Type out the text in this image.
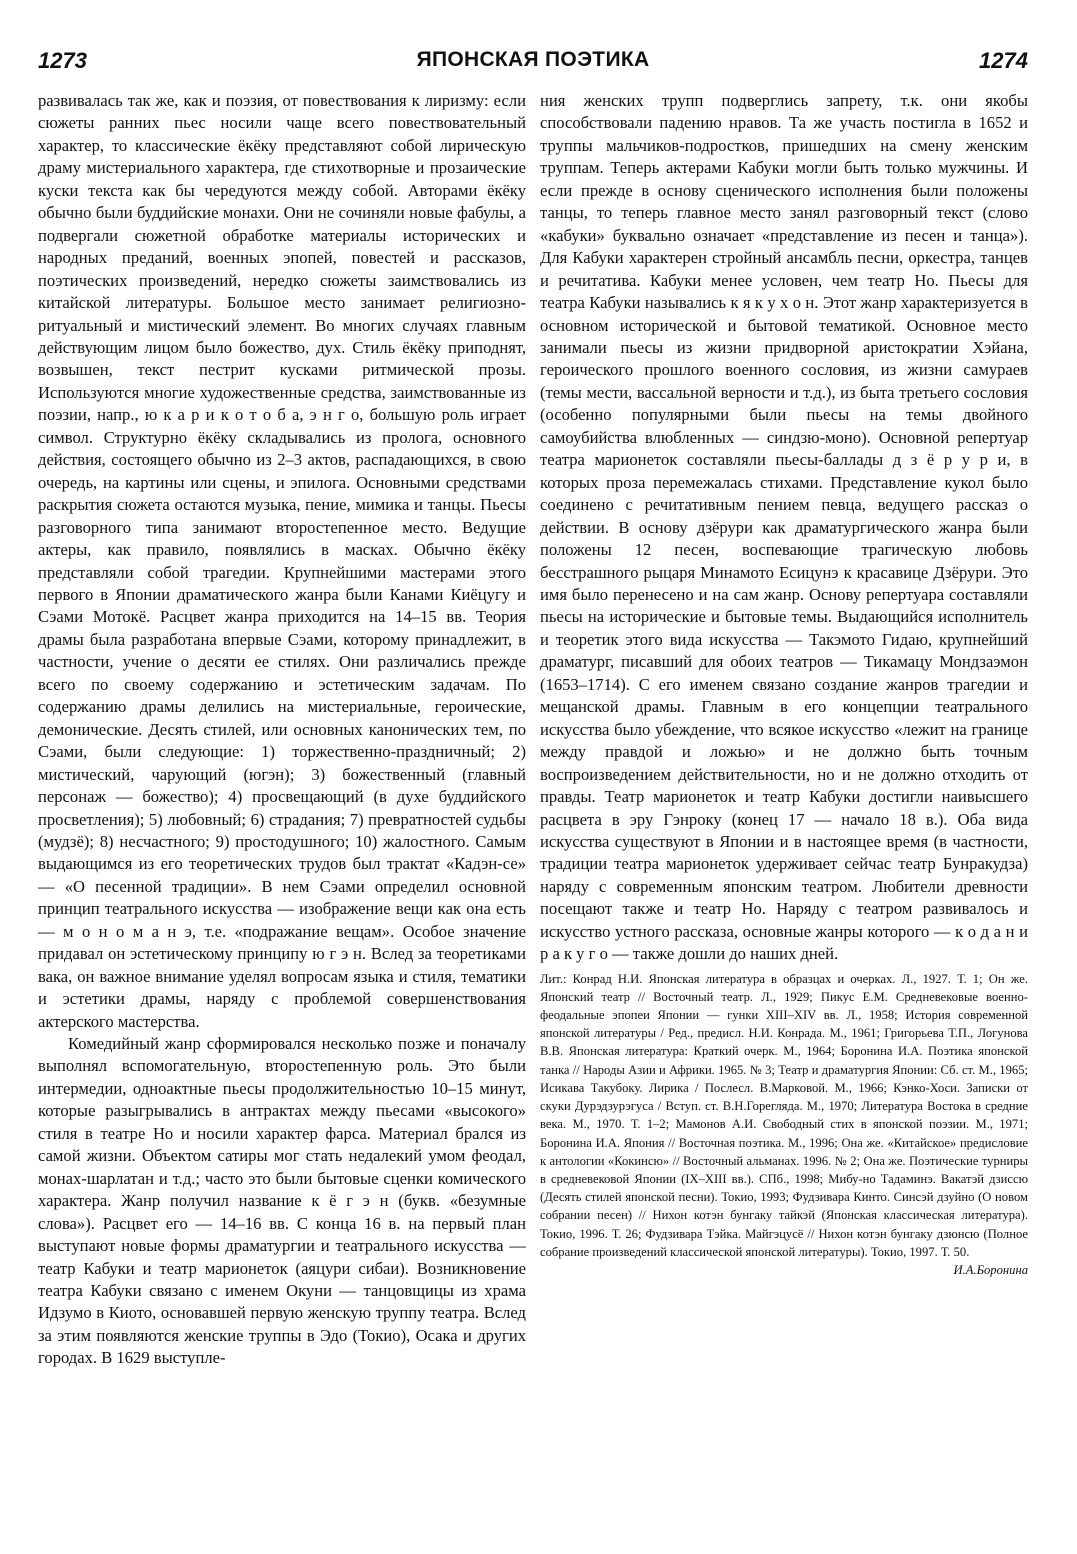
1273	ЯПОНСКАЯ ПОЭТИКА	1274

развивалась так же, как и поэзия, от повествования к лиризму: если сюжеты ранних пьес носили чаще всего повествовательный характер, то классические ёкёку представляют собой лирическую драму мистериального характера, где стихотворные и прозаические куски текста как бы чередуются между собой. Авторами ёкёку обычно были буддийские монахи. Они не сочиняли новые фабулы, а подвергали сюжетной обработке материалы исторических и народных преданий, военных эпопей, повестей и рассказов, поэтических произведений, нередко сюжеты заимствовались из китайской литературы. Большое место занимает религиозно-ритуальный и мистический элемент. Во многих случаях главным действующим лицом было божество, дух. Стиль ёкёку приподнят, возвышен, текст пестрит кусками ритмической прозы. Используются многие художественные средства, заимствованные из поэзии, напр., ю к а р и к о т о б а, э н г о, большую роль играет символ. Структурно ёкёку складывались из пролога, основного действия, состоящего обычно из 2–3 актов, распадающихся, в свою очередь, на картины или сцены, и эпилога. Основными средствами раскрытия сюжета остаются музыка, пение, мимика и танцы. Пьесы разговорного типа занимают второстепенное место. Ведущие актеры, как правило, появлялись в масках. Обычно ёкёку представляли собой трагедии. Крупнейшими мастерами этого первого в Японии драматического жанра были Канами Киёцугу и Сэами Мотокё. Расцвет жанра приходится на 14–15 вв. Теория драмы была разработана впервые Сэами, которому принадлежит, в частности, учение о десяти ее стилях. Они различались прежде всего по своему содержанию и эстетическим задачам. По содержанию драмы делились на мистериальные, героические, демонические. Десять стилей, или основных канонических тем, по Сэами, были следующие: 1) торжественно-праздничный; 2) мистический, чарующий (югэн); 3) божественный (главный персонаж — божество); 4) просвещающий (в духе буддийского просветления); 5) любовный; 6) страдания; 7) превратностей судьбы (мудзё); 8) несчастного; 9) простодушного; 10) жалостного. Самым выдающимся из его теоретических трудов был трактат «Кадэн-се» — «О песенной традиции». В нем Сэами определил основной принцип театрального искусства — изображение вещи как она есть — м о н о м а н э, т.е. «подражание вещам». Особое значение придавал он эстетическому принципу ю г э н. Вслед за теоретиками вака, он важное внимание уделял вопросам языка и стиля, тематики и эстетики драмы, наряду с проблемой совершенствования актерского мастерства.

Комедийный жанр сформировался несколько позже и поначалу выполнял вспомогательную, второстепенную роль. Это были интермедии, одноактные пьесы продолжительностью 10–15 минут, которые разыгрывались в антрактах между пьесами «высокого» стиля в театре Но и носили характер фарса. Материал брался из самой жизни. Объектом сатиры мог стать недалекий умом феодал, монах-шарлатан и т.д.; часто это были бытовые сценки комического характера. Жанр получил название к ё г э н (букв. «безумные слова»). Расцвет его — 14–16 вв. С конца 16 в. на первый план выступают новые формы драматургии и театрального искусства — театр Кабуки и театр марионеток (аяцури сибаи). Возникновение театра Кабуки связано с именем Окуни — танцовщицы из храма Идзумо в Киото, основавшей первую женскую труппу театра. Вслед за этим появляются женские труппы в Эдо (Токио), Осака и других городах. В 1629 выступле-

ния женских трупп подверглись запрету, т.к. они якобы способствовали падению нравов. Та же участь постигла в 1652 и труппы мальчиков-подростков, пришедших на смену женским труппам. Теперь актерами Кабуки могли быть только мужчины. И если прежде в основу сценического исполнения были положены танцы, то теперь главное место занял разговорный текст (слово «кабуки» буквально означает «представление из песен и танца»). Для Кабуки характерен стройный ансамбль песни, оркестра, танцев и речитатива. Кабуки менее условен, чем театр Но. Пьесы для театра Кабуки назывались к я к у х о н. Этот жанр характеризуется в основном исторической и бытовой тематикой. Основное место занимали пьесы из жизни придворной аристократии Хэйана, героического прошлого военного сословия, из жизни самураев (темы мести, вассальной верности и т.д.), из быта третьего сословия (особенно популярными были пьесы на темы двойного самоубийства влюбленных — синдзю-моно). Основной репертуар театра марионеток составляли пьесы-баллады д з ё р у р и, в которых проза перемежалась стихами. Представление кукол было соединено с речитативным пением певца, ведущего рассказ о действии. В основу дзёрури как драматургического жанра были положены 12 песен, воспевающие трагическую любовь бесстрашного рыцаря Минамото Есицунэ к красавице Дзёрури. Это имя было перенесено и на сам жанр. Основу репертуара составляли пьесы на исторические и бытовые темы. Выдающийся исполнитель и теоретик этого вида искусства — Такэмото Гидаю, крупнейший драматург, писавший для обоих театров — Тикамацу Мондзаэмон (1653–1714). С его именем связано создание жанров трагедии и мещанской драмы. Главным в его концепции театрального искусства было убеждение, что всякое искусство «лежит на границе между правдой и ложью» и не должно быть точным воспроизведением действительности, но и не должно отходить от правды. Театр марионеток и театр Кабуки достигли наивысшего расцвета в эру Гэнроку (конец 17 — начало 18 в.). Оба вида искусства существуют в Японии и в настоящее время (в частности, традиции театра марионеток удерживает сейчас театр Бунракудза) наряду с современным японским театром. Любители древности посещают также и театр Но. Наряду с театром развивалось и искусство устного рассказа, основные жанры которого — к о д а н и р а к у г о — также дошли до наших дней.

Лит.: Конрад Н.И. Японская литература в образцах и очерках. Л., 1927. Т. 1; Он же. Японский театр // Восточный театр. Л., 1929; Пикус Е.М. Средневековые военно-феодальные эпопеи Японии — гунки XIII–XIV вв. Л., 1958; История современной японской литературы / Ред., предисл. Н.И. Конрада. М., 1961; Григорьева Т.П., Логунова В.В. Японская литература: Краткий очерк. М., 1964; Боронина И.А. Поэтика японской танка // Народы Азии и Африки. 1965. № 3; Театр и драматургия Японии: Сб. ст. М., 1965; Исикава Такубоку. Лирика / Послесл. В.Марковой. М., 1966; Кэнко-Хоси. Записки от скуки Дурэдзурэгуса / Вступ. ст. В.Н.Горегляда. М., 1970; Литература Востока в средние века. М., 1970. Т. 1–2; Мамонов А.И. Свободный стих в японской поэзии. М., 1971; Боронина И.А. Япония // Восточная поэтика. М., 1996; Она же. «Китайское» предисловие к антологии «Кокинсю» // Восточный альманах. 1996. № 2; Она же. Поэтические турниры в средневековой Японии (IX–XIII вв.). СПб., 1998; Мибу-но Тадаминэ. Вакатэй дзиссю (Десять стилей японской песни). Токио, 1993; Фудзивара Кинто. Синсэй дзуйно (О новом собрании песен) // Нихон котэн бунгаку тайкэй (Японская классическая литература). Токио, 1996. Т. 26; Фудзивара Тэйка. Майгэцусё // Нихон котэн бунгаку дзюнсю (Полное собрание произведений классической японской литературы). Токио, 1997. Т. 50.
И.А.Боронина
